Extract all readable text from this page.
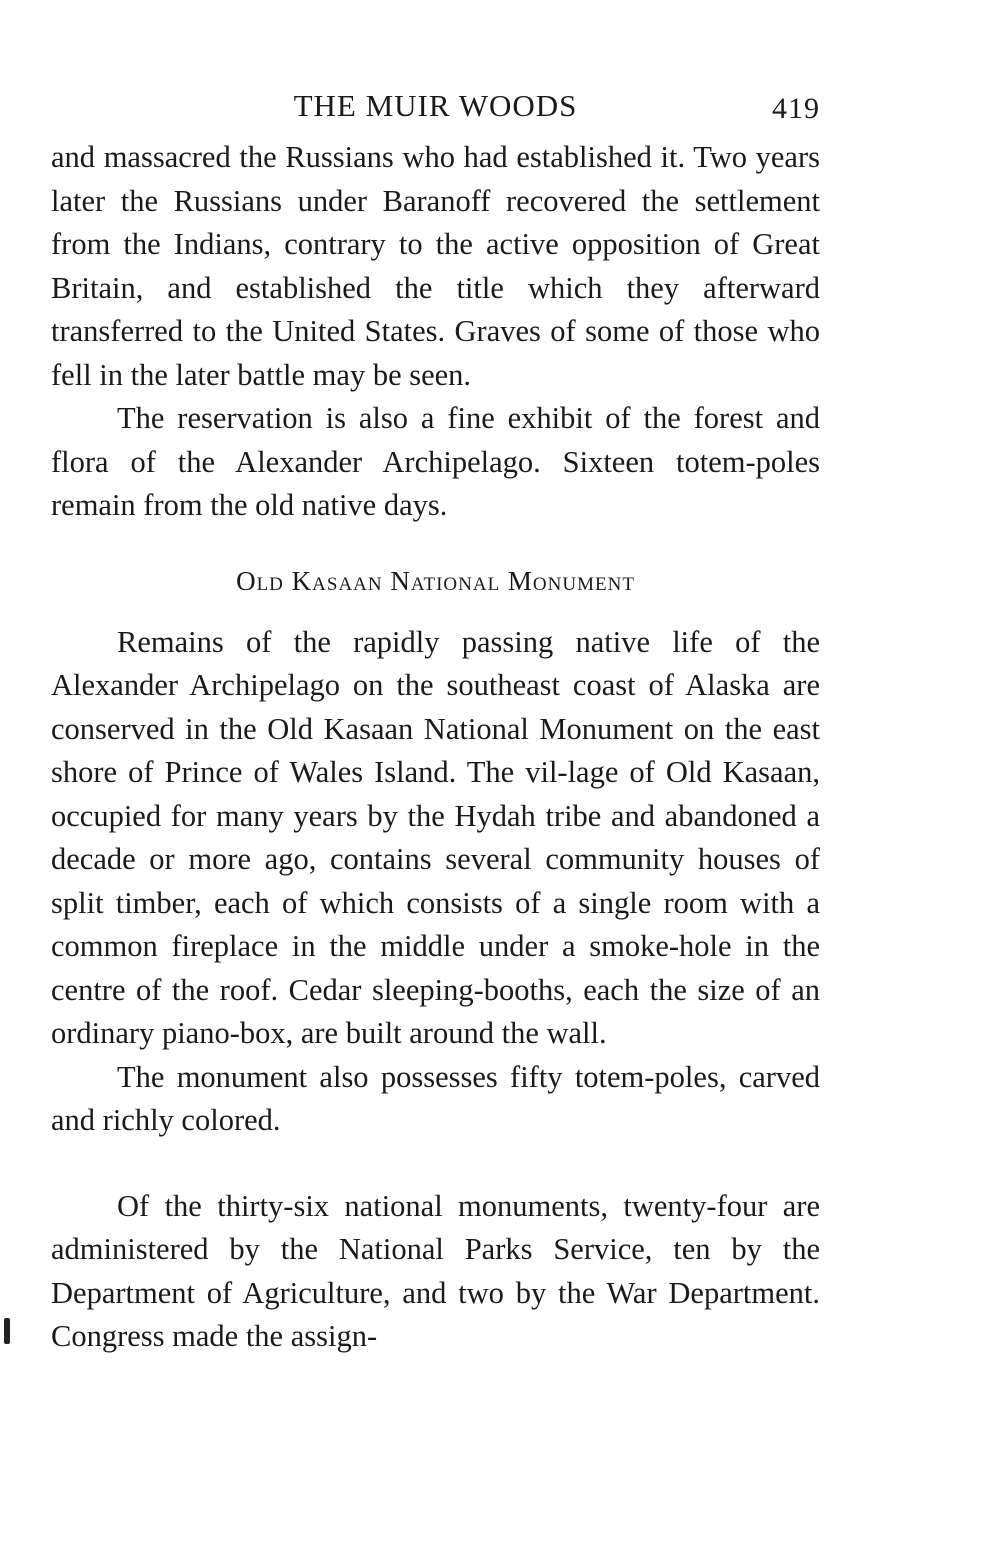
THE MUIR WOODS	419

and massacred the Russians who had established it. Two years later the Russians under Baranoff recovered the settlement from the Indians, contrary to the active opposition of Great Britain, and established the title which they afterward transferred to the United States. Graves of some of those who fell in the later battle may be seen.

The reservation is also a fine exhibit of the forest and flora of the Alexander Archipelago. Sixteen totem-poles remain from the old native days.

Old Kasaan National Monument

Remains of the rapidly passing native life of the Alexander Archipelago on the southeast coast of Alaska are conserved in the Old Kasaan National Monument on the east shore of Prince of Wales Island. The vil-lage of Old Kasaan, occupied for many years by the Hydah tribe and abandoned a decade or more ago, contains several community houses of split timber, each of which consists of a single room with a common fireplace in the middle under a smoke-hole in the centre of the roof. Cedar sleeping-booths, each the size of an ordinary piano-box, are built around the wall.

The monument also possesses fifty totem-poles, carved and richly colored.

Of the thirty-six national monuments, twenty-four are administered by the National Parks Service, ten by the Department of Agriculture, and two by the War Department. Congress made the assign-
